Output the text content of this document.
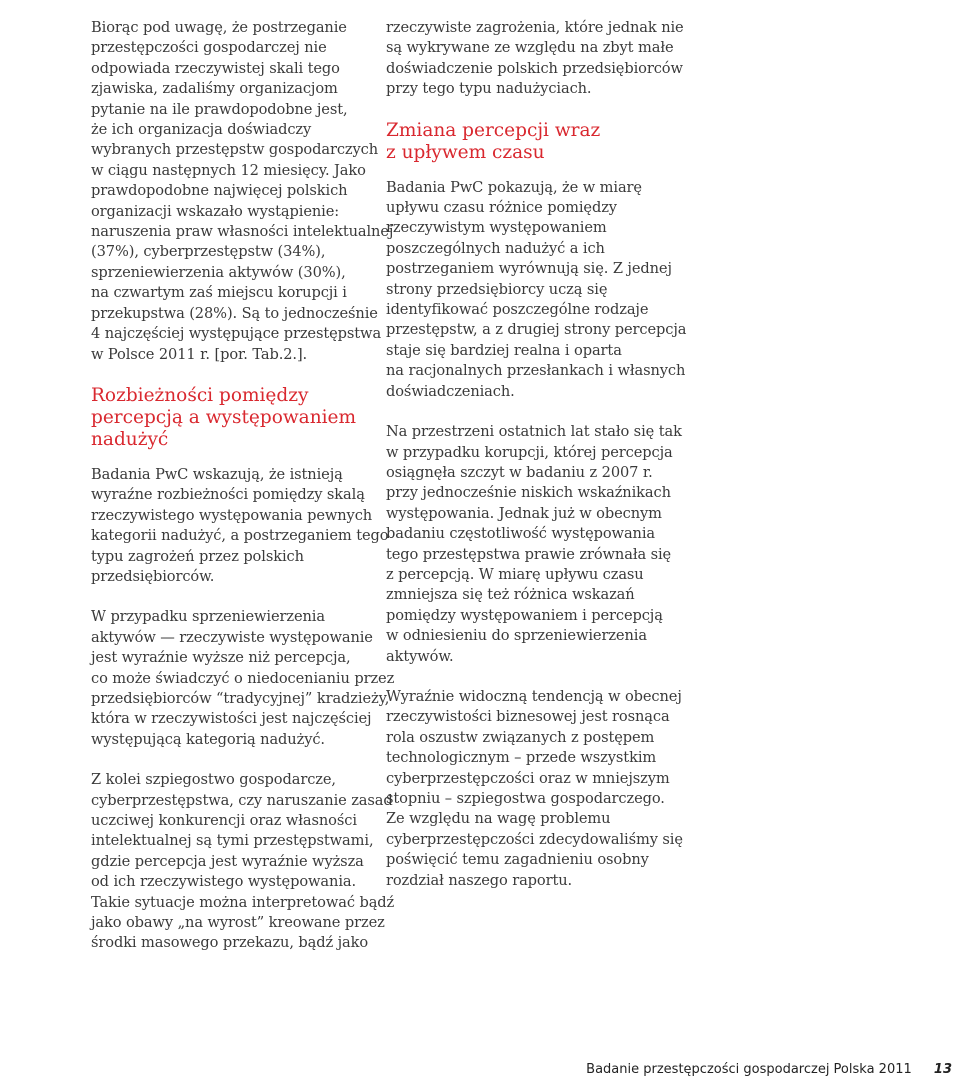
Biorąc pod uwagę, że postrzeganie
przestępczości gospodarczej nie
odpowiada rzeczywistej skali tego
zjawiska, zadaliśmy organizacjom
pytanie na ile prawdopodobne jest,
że ich organizacja doświadczy
wybranych przestępstw gospodarczych
w ciągu następnych 12 miesięcy. Jako
prawdopodobne najwięcej polskich
organizacji wskazało wystąpienie:
naruszenia praw własności intelektualnej
(37%), cyberprzestępstw (34%),
sprzeniewierzenia aktywów (30%),
na czwartym zaś miejscu korupcji i
przekupstwa (28%). Są to jednocześnie
4 najczęściej występujące przestępstwa
w Polsce 2011 r. [por. Tab.2.].

Rozbieżności pomiędzy
percepcją a występowaniem
nadużyć

Badania PwC wskazują, że istnieją
wyraźne rozbieżności pomiędzy skalą
rzeczywistego występowania pewnych
kategorii nadużyć, a postrzeganiem tego
typu zagrożeń przez polskich
przedsiębiorców.

W przypadku sprzeniewierzenia
aktywów — rzeczywiste występowanie
jest wyraźnie wyższe niż percepcja,
co może świadczyć o niedocenianiu przez
przedsiębiorców “tradycyjnej” kradzieży,
która w rzeczywistości jest najczęściej
występującą kategorią nadużyć.

Z kolei szpiegostwo gospodarcze,
cyberprzestępstwa, czy naruszanie zasad
uczciwej konkurencji oraz własności
intelektualnej są tymi przestępstwami,
gdzie percepcja jest wyraźnie wyższa
od ich rzeczywistego występowania.
Takie sytuacje można interpretować bądź
jako obawy „na wyrost” kreowane przez
środki masowego przekazu, bądź jako

rzeczywiste zagrożenia, które jednak nie
są wykrywane ze względu na zbyt małe
doświadczenie polskich przedsiębiorców
przy tego typu nadużyciach.

Zmiana percepcji wraz
z upływem czasu

Badania PwC pokazują, że w miarę
upływu czasu różnice pomiędzy
rzeczywistym występowaniem
poszczególnych nadużyć a ich
postrzeganiem wyrównują się. Z jednej
strony przedsiębiorcy uczą się
identyfikować poszczególne rodzaje
przestępstw, a z drugiej strony percepcja
staje się bardziej realna i oparta
na racjonalnych przesłankach i własnych
doświadczeniach.

Na przestrzeni ostatnich lat stało się tak
w przypadku korupcji, której percepcja
osiągnęła szczyt w badaniu z 2007 r.
przy jednocześnie niskich wskaźnikach
występowania. Jednak już w obecnym
badaniu częstotliwość występowania
tego przestępstwa prawie zrównała się
z percepcją. W miarę upływu czasu
zmniejsza się też różnica wskazań
pomiędzy występowaniem i percepcją
w odniesieniu do sprzeniewierzenia
aktywów.

Wyraźnie widoczną tendencją w obecnej
rzeczywistości biznesowej jest rosnąca
rola oszustw związanych z postępem
technologicznym – przede wszystkim
cyberprzestępczości oraz w mniejszym
stopniu – szpiegostwa gospodarczego.
Ze względu na wagę problemu
cyberprzestępczości zdecydowaliśmy się
poświęcić temu zagadnieniu osobny
rozdział naszego raportu.

Badanie przestępczości gospodarczej Polska 2011 13
